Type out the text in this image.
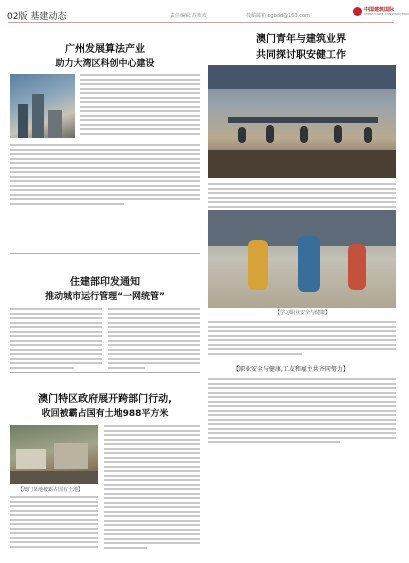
02版 基建动态	责任编辑:苏欢欢	投稿邮箱:cgbdd@163.com
中国建筑国际
CHINA STATE CONSTRUCTION
广州发展算法产业
助力大湾区科创中心建设
澳门青年与建筑业界
共同探讨职安健工作
【学习职业安全与健康】
【职业安全与健康,工友和雇主共齐同努力】
住建部印发通知
推动城市运行管理“一网统管”
澳门特区政府展开跨部门行动,
收回被霸占国有土地988平方米
【澳门某地被霸占国有土地】
